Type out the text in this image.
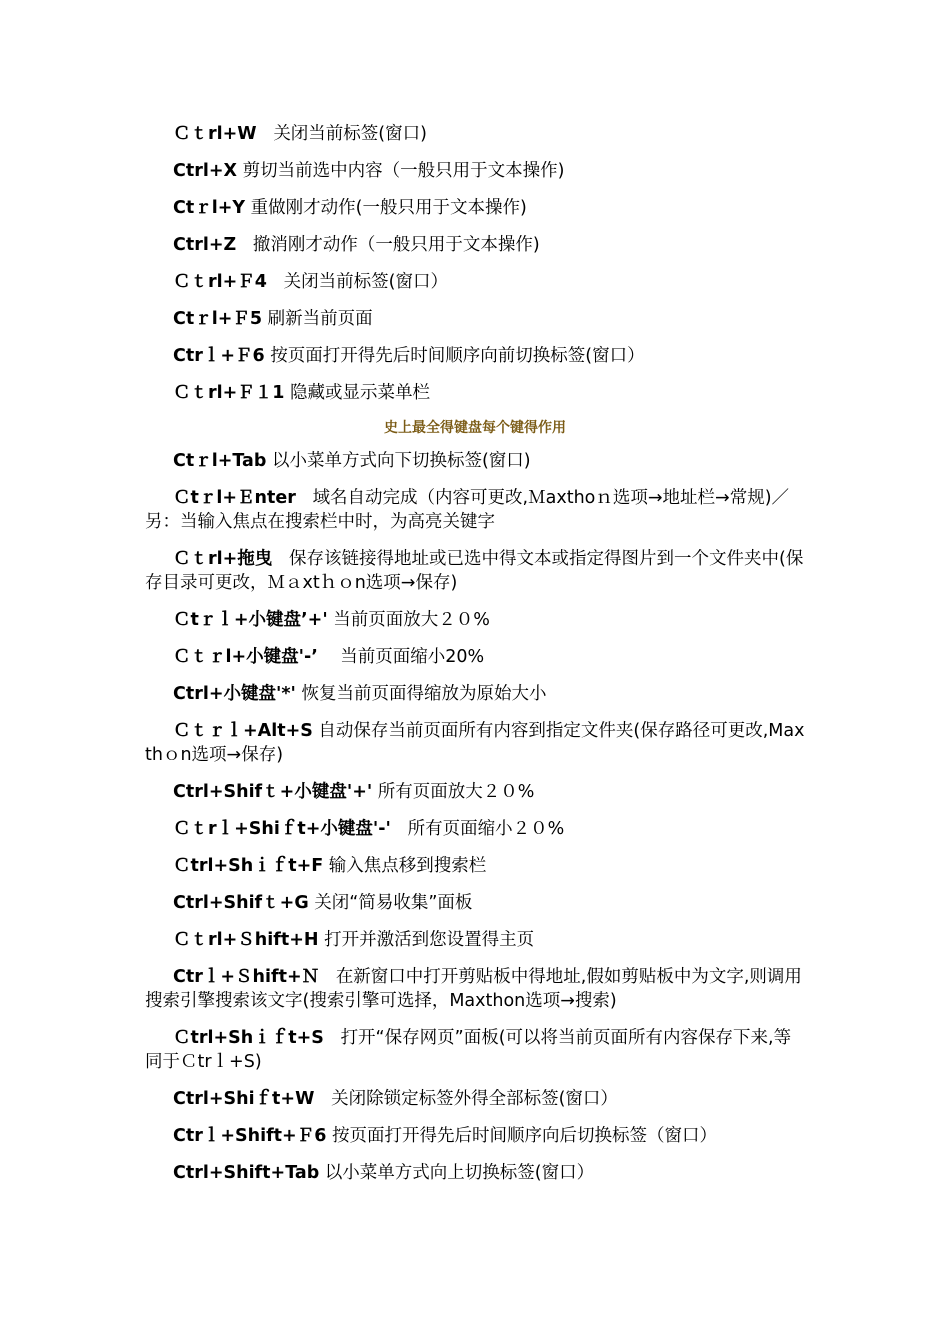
Ｃｔrl+W 关闭当前标签(窗口)

Ctrl+X 剪切当前选中内容（一般只用于文本操作)

Ctｒl+Y 重做刚才动作(一般只用于文本操作)

Ctrl+Z 撤消刚才动作（一般只用于文本操作)

Ｃｔrl+Ｆ4 关闭当前标签(窗口）

Ctｒl+Ｆ5 刷新当前页面

Ctrｌ+Ｆ6 按页面打开得先后时间顺序向前切换标签(窗口）

Ｃｔrl+Ｆ１1 隐藏或显示菜单栏

史上最全得键盘每个键得作用

Ctｒl+Tab 以小菜单方式向下切换标签(窗口)

Ｃtｒl+Ｅnter 域名自动完成（内容可更改,Ｍaxthoｎ选项→地址栏→常规)／另：当输入焦点在搜索栏中时，为高亮关键字

Ｃｔrl+拖曳 保存该链接得地址或已选中得文本或指定得图片到一个文件夹中(保存目录可更改，Ｍａxtｈｏn选项→保存)

Ｃtｒｌ+小键盘’+' 当前页面放大２０%

Ｃｔｒl+小键盘'-’ 当前页面缩小20%

Ctrl+小键盘'*' 恢复当前页面得缩放为原始大小

Ｃｔｒｌ+Alt+S 自动保存当前页面所有内容到指定文件夹(保存路径可更改,Maxthｏn选项→保存)

Ctrl+Shifｔ+小键盘'+' 所有页面放大２０%

Ｃｔrｌ+Shiｆt+小键盘'-' 所有页面缩小２０%

Ｃtrl+Shｉｆt+F 输入焦点移到搜索栏

Ctrl+Shifｔ+G 关闭“简易收集”面板

Ｃｔrl+Ｓhift+H 打开并激活到您设置得主页

Ctrｌ+Ｓhift+Ｎ 在新窗口中打开剪贴板中得地址,假如剪贴板中为文字,则调用搜索引擎搜索该文字(搜索引擎可选择，Maxthon选项→搜索)

Ｃtrl+Shｉｆt+S 打开“保存网页”面板(可以将当前页面所有内容保存下来,等同于Ｃtrｌ+S)

Ctrl+Shiｆt+W 关闭除锁定标签外得全部标签(窗口）

Ctrｌ+Shift+Ｆ6 按页面打开得先后时间顺序向后切换标签（窗口）

Ctrl+Shift+Tab 以小菜单方式向上切换标签(窗口）
